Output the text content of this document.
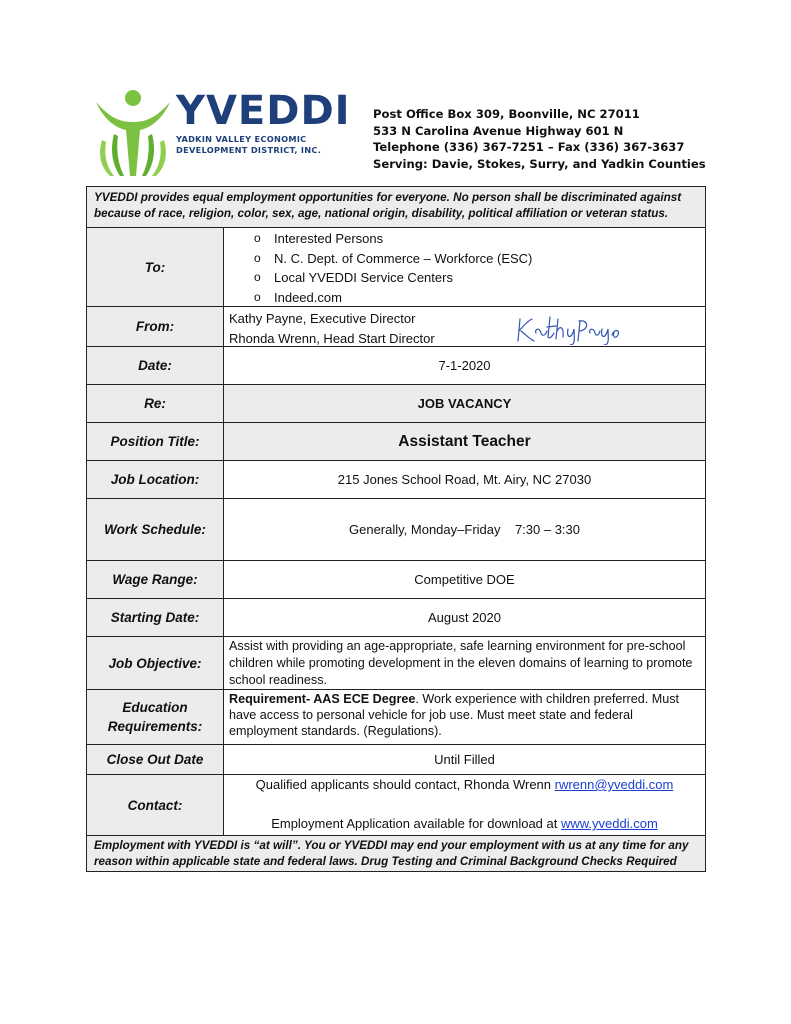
YVEDDI
YADKIN VALLEY ECONOMIC
DEVELOPMENT DISTRICT, INC.
Post Office Box 309, Boonville, NC 27011
533 N Carolina Avenue Highway 601 N
Telephone (336) 367-7251 – Fax (336) 367-3637
Serving: Davie, Stokes, Surry, and Yadkin Counties
YVEDDI provides equal employment opportunities for everyone. No person shall be discriminated against because of race, religion, color, sex, age, national origin, disability, political affiliation or veteran status.
To:
o Interested Persons
o N. C. Dept. of Commerce – Workforce (ESC)
o Local YVEDDI Service Centers
o Indeed.com
From:
Kathy Payne, Executive Director
Rhonda Wrenn, Head Start Director
Date:	7-1-2020
Re:	JOB VACANCY
Position Title:	Assistant Teacher
Job Location:	215 Jones School Road, Mt. Airy, NC 27030
Work Schedule:	Generally, Monday–Friday    7:30 – 3:30
Wage Range:	Competitive DOE
Starting Date:	August 2020
Job Objective:
Assist with providing an age-appropriate, safe learning environment for pre-school children while promoting development in the eleven domains of learning to promote school readiness.
Education
Requirements:
Requirement- AAS ECE Degree. Work experience with children preferred. Must have access to personal vehicle for job use. Must meet state and federal employment standards. (Regulations).
Close Out Date	Until Filled
Contact:
Qualified applicants should contact, Rhonda Wrenn rwrenn@yveddi.com
Employment Application available for download at www.yveddi.com
Employment with YVEDDI is “at will”. You or YVEDDI may end your employment with us at any time for any reason within applicable state and federal laws. Drug Testing and Criminal Background Checks Required
